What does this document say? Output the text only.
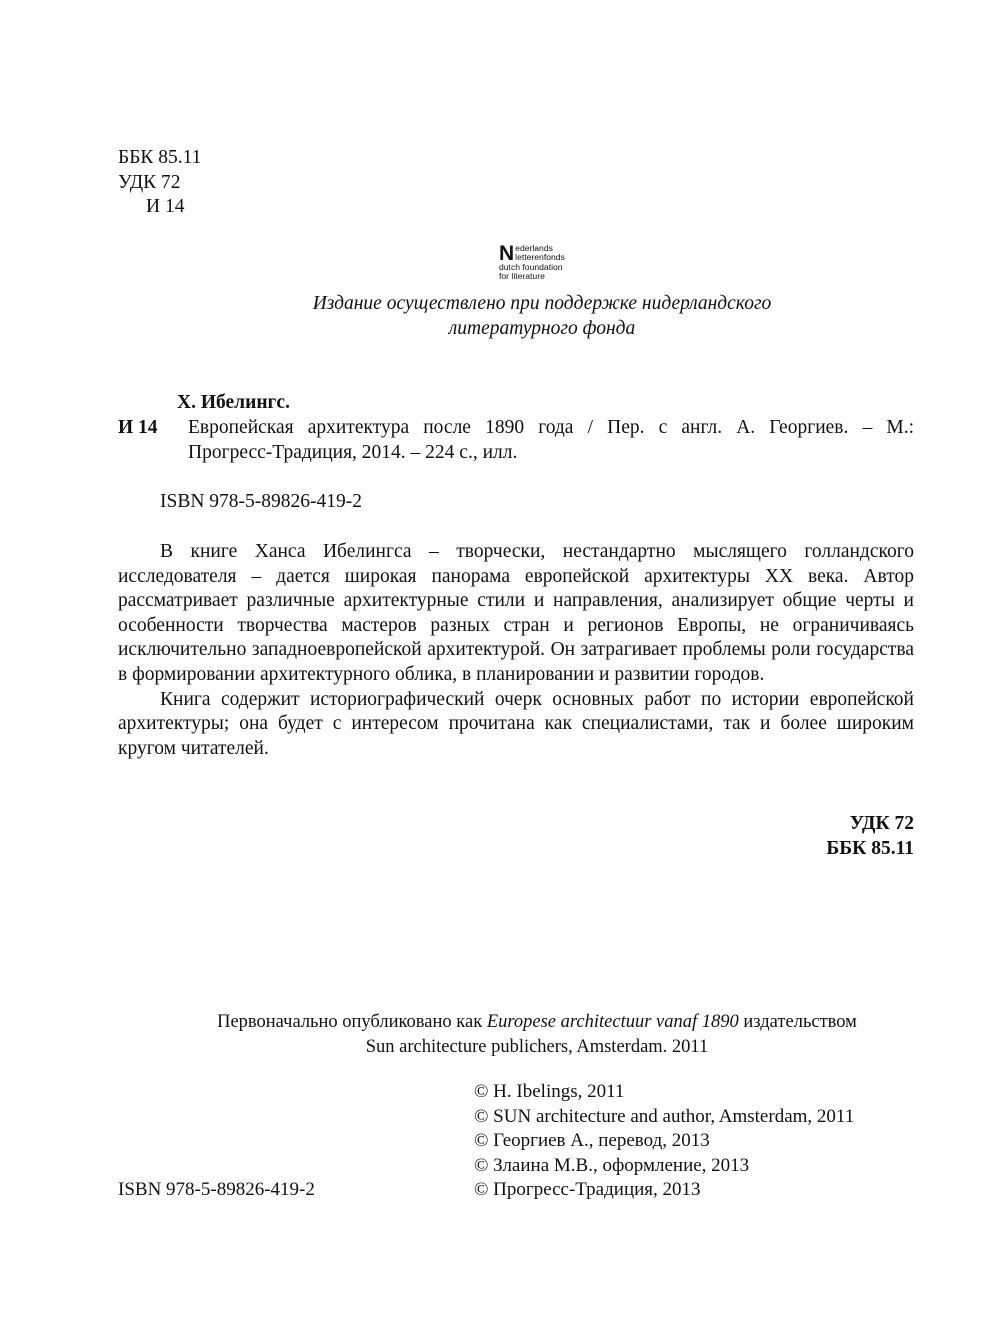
ББК 85.11
УДК 72
И 14
N ederlands
letterenfonds
dutch foundation
for literature
Издание осуществлено при поддержке нидерландского
литературного фонда
Х. Ибелингс.
И 14 Европейская архитектура после 1890 года / Пер. с англ. А. Георгиев. – М.:
Прогресс-Традиция, 2014. – 224 с., илл.
ISBN 978-5-89826-419-2

В книге Ханса Ибелингса – творчески, нестандартно мыслящего голландского исследователя – дается широкая панорама европейской архитектуры XX века. Автор рассматривает различные архитектурные стили и направления, анализирует общие черты и особенности творчества мастеров разных стран и регионов Европы, не ограничиваясь исключительно западноевропейской архитектурой. Он затрагивает проблемы роли государства в формировании архитектурного облика, в планировании и развитии городов.

Книга содержит историографический очерк основных работ по истории европейской архитектуры; она будет с интересом прочитана как специалистами, так и более широким кругом читателей.

УДК 72
ББК 85.11
Первоначально опубликовано как Europese architectuur vanaf 1890 издательством
Sun architecture publichers, Amsterdam. 2011
© H. Ibelings, 2011
© SUN architecture and author, Amsterdam, 2011
© Георгиев А., перевод, 2013
© Злаина М.В., оформление, 2013
© Прогресс-Традиция, 2013
ISBN 978-5-89826-419-2
